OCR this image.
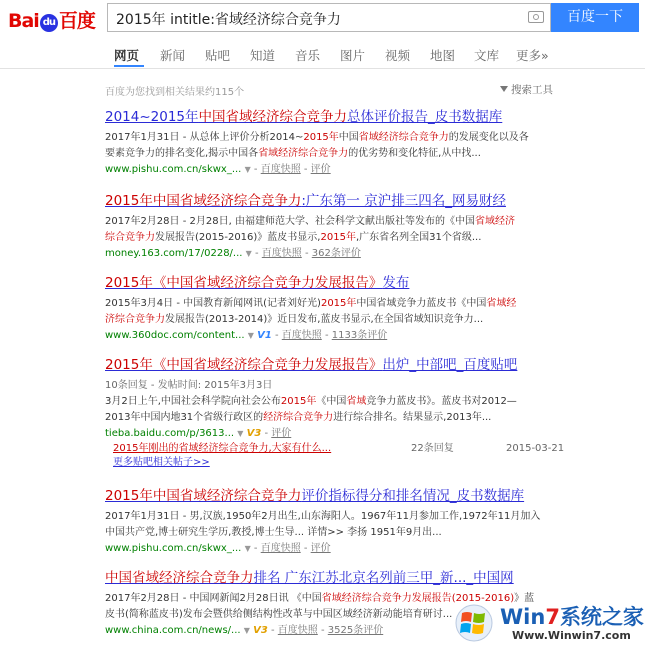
Bai du 百度 2015年 intitle:省域经济综合竞争力	百度一下
网页 新闻 贴吧 知道 音乐 图片 视频 地图 文库 更多»
百度为您找到相关结果约115个	搜索工具
2014~2015年中国省域经济综合竞争力总体评价报告_皮书数据库
2017年1月31日 - 从总体上评价分析2014~2015年中国省域经济综合竞争力的发展变化以及各
要素竞争力的排名变化,揭示中国各省域经济综合竞争力的优劣势和变化特征,从中找...
www.pishu.com.cn/skwx_... ▼ - 百度快照 - 评价
2015年中国省域经济综合竞争力:广东第一 京沪排三四名_网易财经
2017年2月28日 - 2月28日, 由福建师范大学、社会科学文献出版社等发布的《中国省域经济
综合竞争力发展报告(2015-2016)》蓝皮书显示,2015年,广东省名列全国31个省级...
money.163.com/17/0228/... ▼ - 百度快照 - 362条评价
2015年《中国省域经济综合竞争力发展报告》发布
2015年3月4日 - 中国教育新闻网讯(记者刘好光)2015年中国省域竞争力蓝皮书《中国省域经
济综合竞争力发展报告(2013-2014)》近日发布,蓝皮书显示,在全国省域知识竞争力...
www.360doc.com/content... ▼ V1 - 百度快照 - 1133条评价
2015年《中国省域经济综合竞争力发展报告》出炉_中部吧_百度贴吧
10条回复 - 发帖时间: 2015年3月3日
3月2日上午,中国社会科学院向社会公布2015年《中国省域竞争力蓝皮书》。蓝皮书对2012—
2013年中国内地31个省级行政区的经济综合竞争力进行综合排名。结果显示,2013年...
tieba.baidu.com/p/3613... ▼ V3 - 评价
2015年刚出的省域经济综合竞争力,大家有什么...	22条回复	2015-03-21
更多贴吧相关帖子>>
2015年中国省域经济综合竞争力评价指标得分和排名情况_皮书数据库
2017年1月31日 - 男,汉族,1950年2月出生,山东海阳人。1967年11月参加工作,1972年11月加入
中国共产党,博士研究生学历,教授,博士生导... 详情>> 李扬 1951年9月出...
www.pishu.com.cn/skwx_... ▼ - 百度快照 - 评价
中国省域经济综合竞争力排名 广东江苏北京名列前三甲_新..._中国网
2017年2月28日 - 中国网新闻2月28日讯 《中国省域经济综合竞争力发展报告(2015-2016)》蓝
皮书(简称蓝皮书)发布会暨供给侧结构性改革与中国区域经济新动能培育研讨...
www.china.com.cn/news/... ▼ V3 - 百度快照 - 3525条评价
Win7系统之家
Www.Winwin7.com
